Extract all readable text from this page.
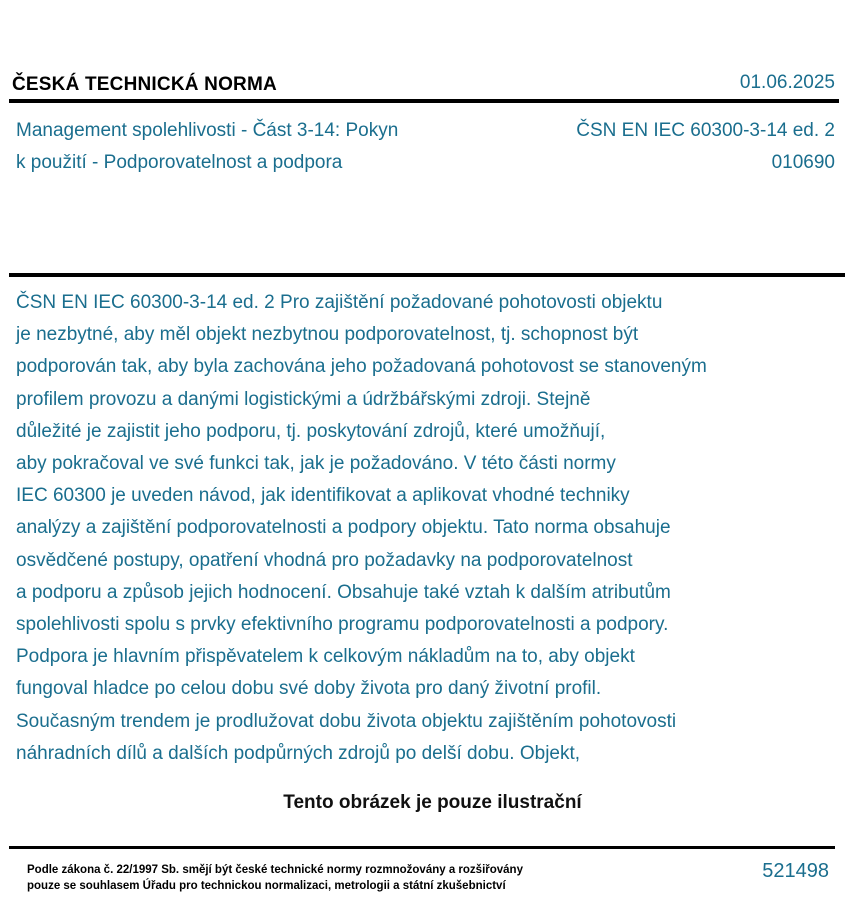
ČESKÁ TECHNICKÁ NORMA	01.06.2025
Management spolehlivosti - Část 3-14: Pokyn
k použití - Podporovatelnost a podpora
ČSN EN IEC 60300-3-14 ed. 2
010690
ČSN EN IEC 60300-3-14 ed. 2 Pro zajištění požadované pohotovosti objektu
je nezbytné, aby měl objekt nezbytnou podporovatelnost, tj. schopnost být
podporován tak, aby byla zachována jeho požadovaná pohotovost se stanoveným
profilem provozu a danými logistickými a údržbářskými zdroji. Stejně
důležité je zajistit jeho podporu, tj. poskytování zdrojů, které umožňují,
aby pokračoval ve své funkci tak, jak je požadováno. V této části normy
IEC 60300 je uveden návod, jak identifikovat a aplikovat vhodné techniky
analýzy a zajištění podporovatelnosti a podpory objektu. Tato norma obsahuje
osvědčené postupy, opatření vhodná pro požadavky na podporovatelnost
a podporu a způsob jejich hodnocení. Obsahuje také vztah k dalším atributům
spolehlivosti spolu s prvky efektivního programu podporovatelnosti a podpory.
Podpora je hlavním přispěvatelem k celkovým nákladům na to, aby objekt
fungoval hladce po celou dobu své doby života pro daný životní profil.
Současným trendem je prodlužovat dobu života objektu zajištěním pohotovosti
náhradních dílů a dalších podpůrných zdrojů po delší dobu. Objekt,
Tento obrázek je pouze ilustrační
Podle zákona č. 22/1997 Sb. smějí být české technické normy rozmnožovány a rozšiřovány
pouze se souhlasem Úřadu pro technickou normalizaci, metrologii a státní zkušebnictví
521498
